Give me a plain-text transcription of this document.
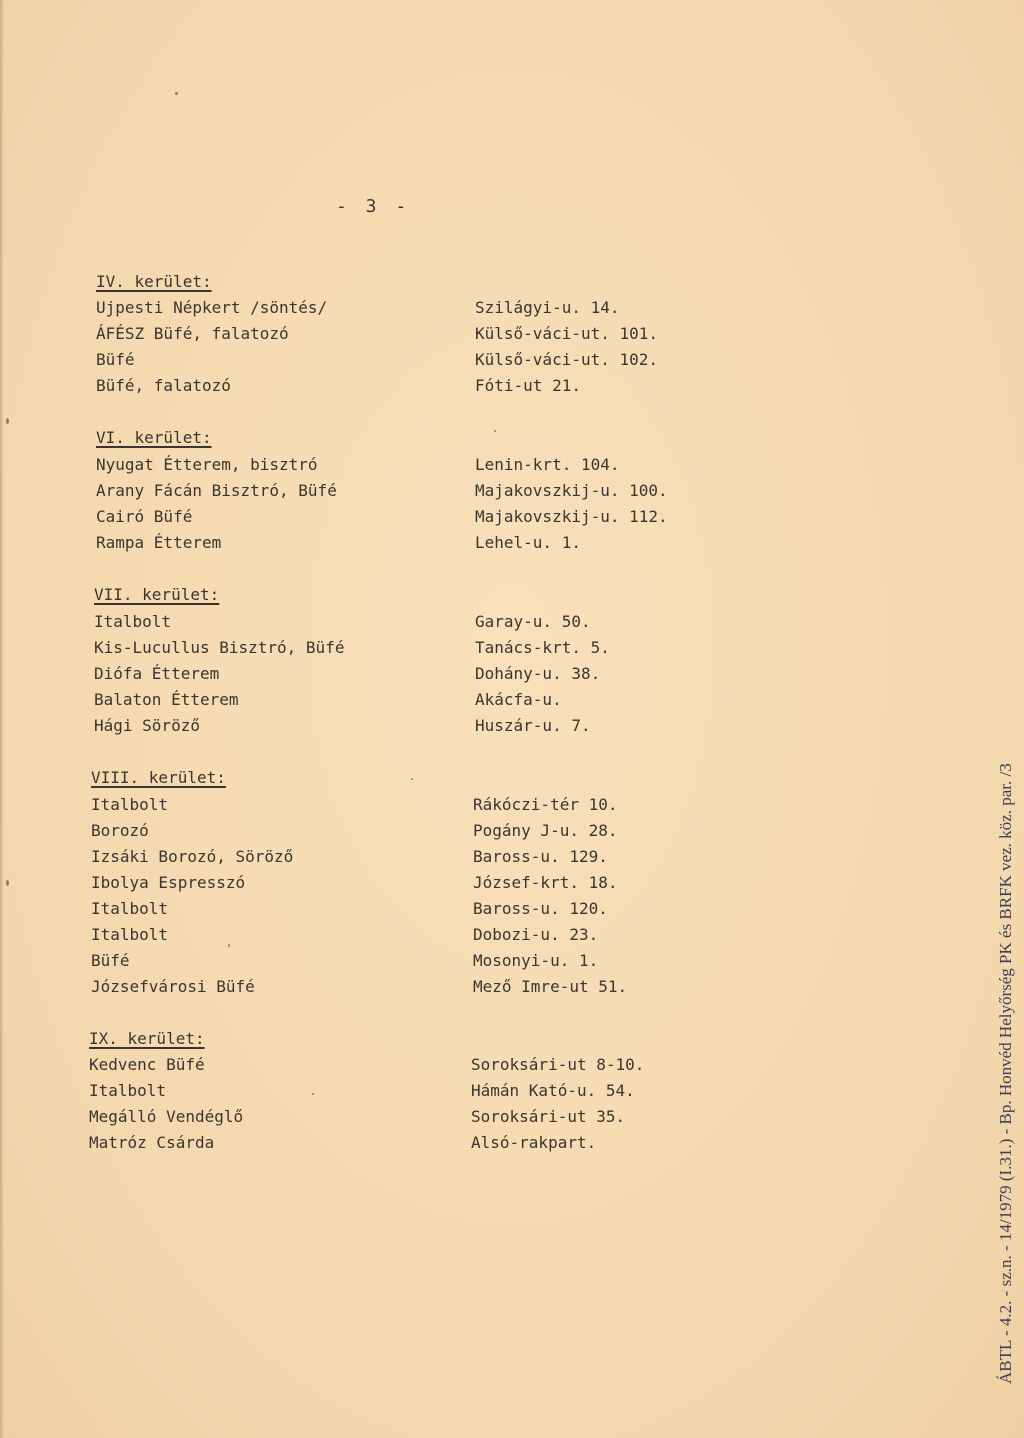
- 3 -
IV. kerület:
Ujpesti Népkert /söntés/	Szilágyi-u. 14.
ÁFÉSZ Büfé, falatozó	Külső-váci-ut. 101.
Büfé	Külső-váci-ut. 102.
Büfé, falatozó	Fóti-ut 21.
VI. kerület:
Nyugat Étterem, bisztró	Lenin-krt. 104.
Arany Fácán Bisztró, Büfé	Majakovszkij-u. 100.
Cairó Büfé	Majakovszkij-u. 112.
Rampa Étterem	Lehel-u. 1.
VII. kerület:
Italbolt	Garay-u. 50.
Kis-Lucullus Bisztró, Büfé	Tanács-krt. 5.
Diófa Étterem	Dohány-u. 38.
Balaton Étterem	Akácfa-u.
Hági Söröző	Huszár-u. 7.
VIII. kerület:
Italbolt	Rákóczi-tér 10.
Borozó	Pogány J-u. 28.
Izsáki Borozó, Söröző	Baross-u. 129.
Ibolya Espresszó	József-krt. 18.
Italbolt	Baross-u. 120.
Italbolt	Dobozi-u. 23.
Büfé	Mosonyi-u. 1.
Józsefvárosi Büfé	Mező Imre-ut 51.
IX. kerület:
Kedvenc Büfé	Soroksári-ut 8-10.
Italbolt	Hámán Kató-u. 54.
Megálló Vendéglő	Soroksári-ut 35.
Matróz Csárda	Alsó-rakpart.	ÁBTL - 4.2. - sz.n. - 14/1979 (I.31.) - Bp. Honvéd Helyőrség PK és BRFK vez. köz. par. /3
